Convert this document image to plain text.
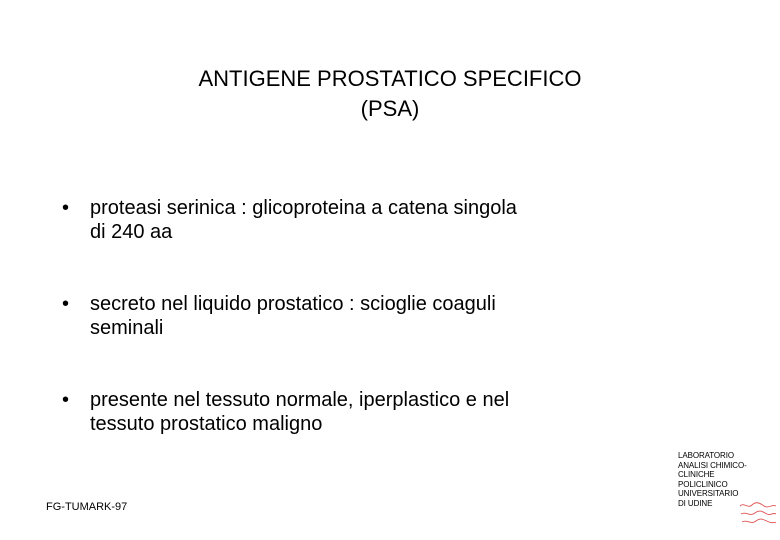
ANTIGENE PROSTATICO SPECIFICO
(PSA)
•	proteasi serinica : glicoproteina a catena singola
di 240 aa
•	secreto nel liquido prostatico : scioglie coaguli
seminali
•	presente nel tessuto normale, iperplastico e nel
tessuto prostatico maligno
FG-TUMARK-97
LABORATORIO
ANALISI CHIMICO-
CLINICHE
POLICLINICO
UNIVERSITARIO
DI UDINE
